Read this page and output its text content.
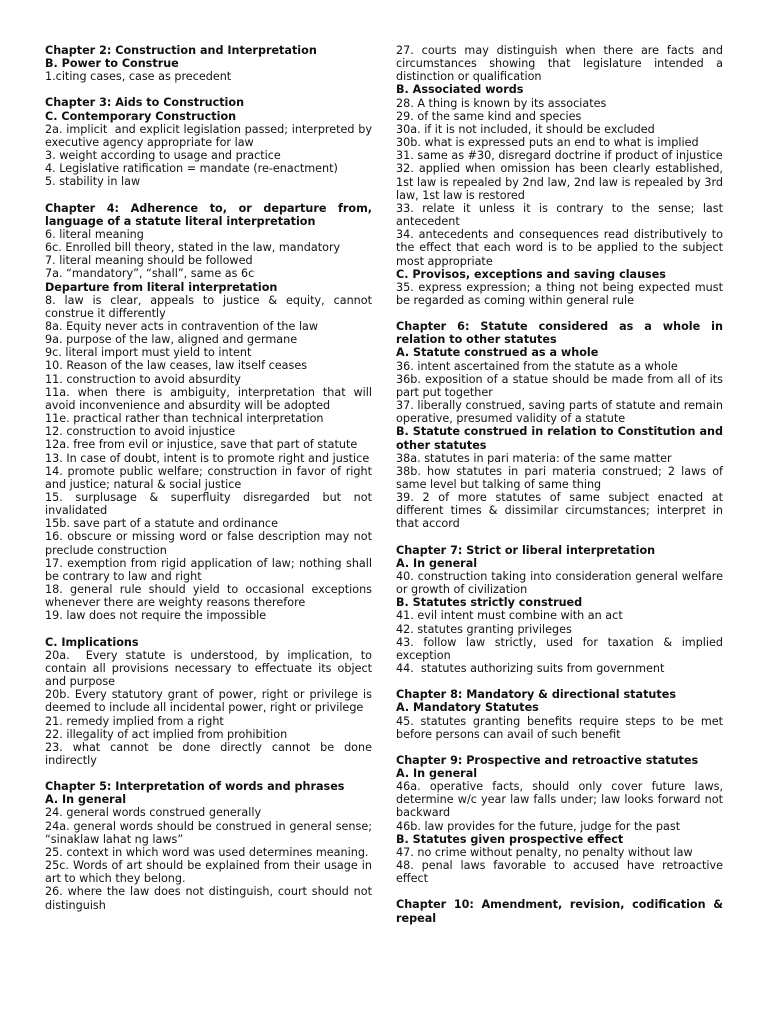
Chapter 2: Construction and Interpretation
B. Power to Construe
1.citing cases, case as precedent
Chapter 3: Aids to Construction
C. Contemporary Construction
2a. implicit  and explicit legislation passed; interpreted by executive agency appropriate for law
3. weight according to usage and practice
4. Legislative ratification = mandate (re-enactment)
5. stability in law
Chapter 4: Adherence to, or departure from, language of a statute literal interpretation
6. literal meaning
6c. Enrolled bill theory, stated in the law, mandatory
7. literal meaning should be followed
7a. “mandatory”, “shall”, same as 6c
Departure from literal interpretation
8. law is clear, appeals to justice & equity, cannot construe it differently
8a. Equity never acts in contravention of the law
9a. purpose of the law, aligned and germane
9c. literal import must yield to intent
10. Reason of the law ceases, law itself ceases
11. construction to avoid absurdity
11a. when there is ambiguity, interpretation that will avoid inconvenience and absurdity will be adopted
11e. practical rather than technical interpretation
12. construction to avoid injustice
12a. free from evil or injustice, save that part of statute
13. In case of doubt, intent is to promote right and justice
14. promote public welfare; construction in favor of right and justice; natural & social justice
15. surplusage & superfluity disregarded but not invalidated
15b. save part of a statute and ordinance
16. obscure or missing word or false description may not preclude construction
17. exemption from rigid application of law; nothing shall be contrary to law and right
18. general rule should yield to occasional exceptions whenever there are weighty reasons therefore
19. law does not require the impossible
C. Implications
20a.  Every statute is understood, by implication, to contain all provisions necessary to effectuate its object and purpose
20b. Every statutory grant of power, right or privilege is deemed to include all incidental power, right or privilege
21. remedy implied from a right
22. illegality of act implied from prohibition
23. what cannot be done directly cannot be done indirectly
Chapter 5: Interpretation of words and phrases
A. In general
24. general words construed generally
24a. general words should be construed in general sense; “sinaklaw lahat ng laws”
25. context in which word was used determines meaning.
25c. Words of art should be explained from their usage in art to which they belong.
26. where the law does not distinguish, court should not distinguish
27. courts may distinguish when there are facts and circumstances showing that legislature intended a distinction or qualification
B. Associated words
28. A thing is known by its associates
29. of the same kind and species
30a. if it is not included, it should be excluded
30b. what is expressed puts an end to what is implied
31. same as #30, disregard doctrine if product of injustice
32. applied when omission has been clearly established, 1st law is repealed by 2nd law, 2nd law is repealed by 3rd law, 1st law is restored
33. relate it unless it is contrary to the sense; last antecedent
34. antecedents and consequences read distributively to the effect that each word is to be applied to the subject most appropriate
C. Provisos, exceptions and saving clauses
35. express expression; a thing not being expected must be regarded as coming within general rule
Chapter 6: Statute considered as a whole in relation to other statutes
A. Statute construed as a whole
36. intent ascertained from the statute as a whole
36b. exposition of a statue should be made from all of its part put together
37. liberally construed, saving parts of statute and remain operative, presumed validity of a statute
B. Statute construed in relation to Constitution and other statutes
38a. statutes in pari materia: of the same matter
38b. how statutes in pari materia construed; 2 laws of same level but talking of same thing
39. 2 of more statutes of same subject enacted at different times & dissimilar circumstances; interpret in that accord
Chapter 7: Strict or liberal interpretation
A. In general
40. construction taking into consideration general welfare or growth of civilization
B. Statutes strictly construed
41. evil intent must combine with an act
42. statutes granting privileges
43. follow law strictly, used for taxation & implied exception
44.  statutes authorizing suits from government
Chapter 8: Mandatory & directional statutes
A. Mandatory Statutes
45. statutes granting benefits require steps to be met before persons can avail of such benefit
Chapter 9: Prospective and retroactive statutes
A. In general
46a. operative facts, should only cover future laws, determine w/c year law falls under; law looks forward not backward
46b. law provides for the future, judge for the past
B. Statutes given prospective effect
47. no crime without penalty, no penalty without law
48. penal laws favorable to accused have retroactive effect
Chapter 10: Amendment, revision, codification & repeal
